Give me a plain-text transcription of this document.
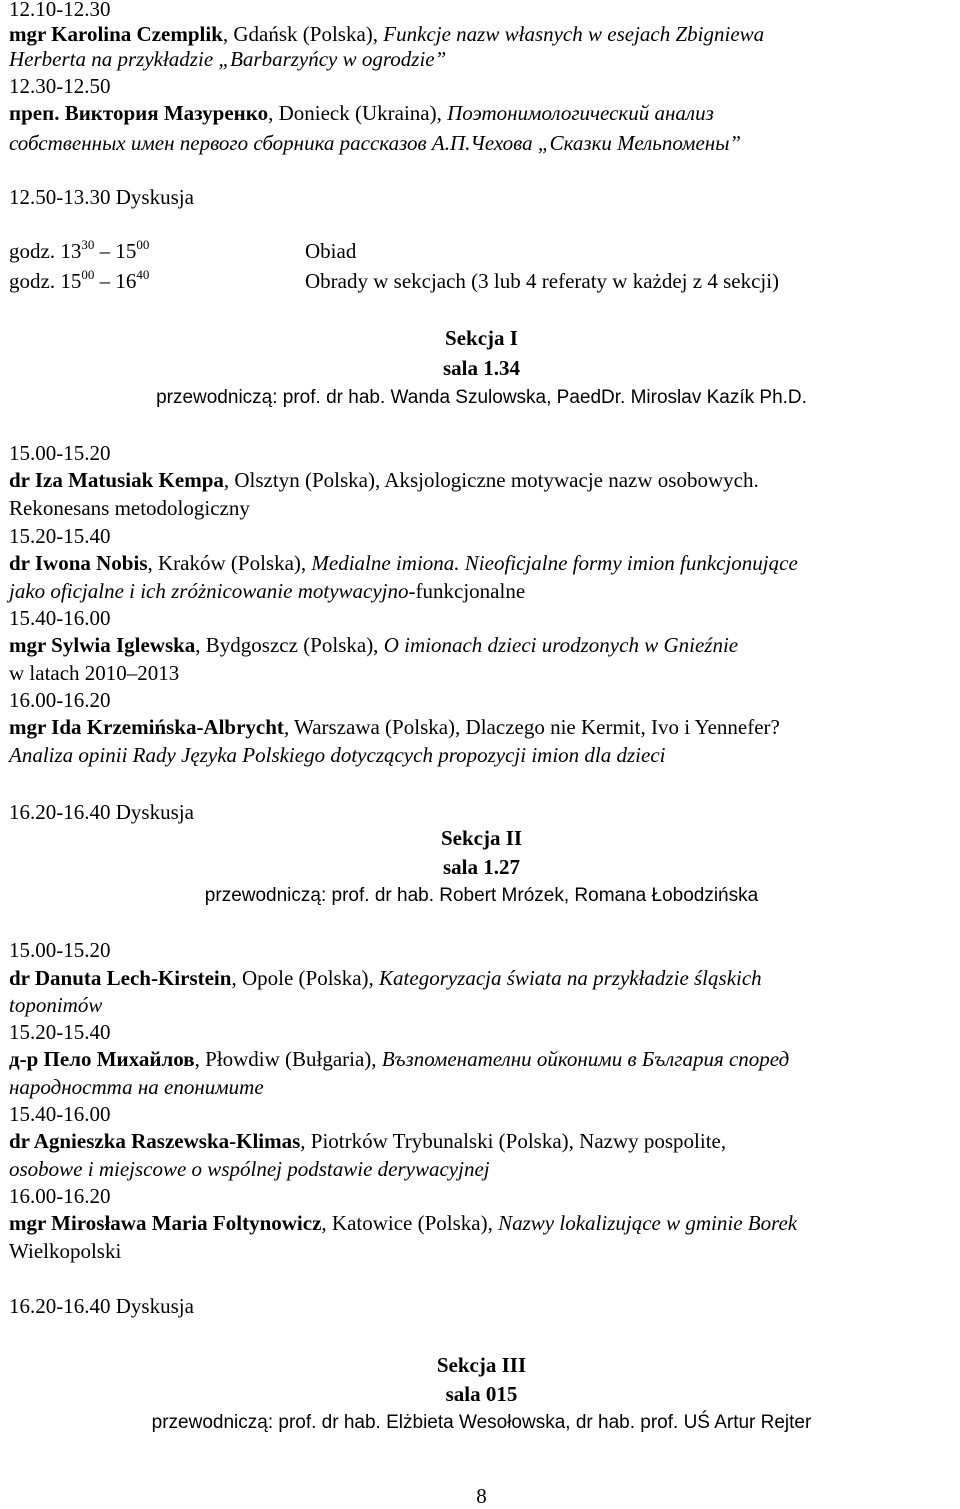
12.10-12.30
mgr Karolina Czemplik, Gdańsk (Polska), Funkcje nazw własnych w esejach Zbigniewa
Herberta na przykładzie „Barbarzyńcy w ogrodzie”
12.30-12.50
преп. Виктория Мазуренко, Donieck (Ukraina), Поэтонимологический анализ
собственных имен первого сборника рассказов А.П.Чехова „Сказки Мельпомены”
12.50-13.30 Dyskusja
godz. $13^{30} - 15^{00}$	Obiad
godz. $15^{00} - 16^{40}$	Obrady w sekcjach (3 lub 4 referaty w każdej z 4 sekcji)
Sekcja I
sala 1.34
przewodniczą: prof. dr hab. Wanda Szulowska, PaedDr. Miroslav Kazík Ph.D.
15.00-15.20
dr Iza Matusiak Kempa, Olsztyn (Polska), Aksjologiczne motywacje nazw osobowych.
Rekonesans metodologiczny
15.20-15.40
dr Iwona Nobis, Kraków (Polska), Medialne imiona. Nieoficjalne formy imion funkcjonujące
jako oficjalne i ich zróżnicowanie motywacyjno-funkcjonalne
15.40-16.00
mgr Sylwia Iglewska, Bydgoszcz (Polska), O imionach dzieci urodzonych w Gnieźnie
w latach 2010–2013
16.00-16.20
mgr Ida Krzemińska-Albrycht, Warszawa (Polska), Dlaczego nie Kermit, Ivo i Yennefer?
Analiza opinii Rady Języka Polskiego dotyczących propozycji imion dla dzieci
16.20-16.40 Dyskusja
Sekcja II
sala 1.27
przewodniczą: prof. dr hab. Robert Mrózek, Romana Łobodzińska
15.00-15.20
dr Danuta Lech-Kirstein, Opole (Polska), Kategoryzacja świata na przykładzie śląskich
toponimów
15.20-15.40
д-р Пело Михайлов, Płowdiw (Bułgaria), Възпоменателни ойконими в България според
народността на епонимите
15.40-16.00
dr Agnieszka Raszewska-Klimas, Piotrków Trybunalski (Polska), Nazwy pospolite,
osobowe i miejscowe o wspólnej podstawie derywacyjnej
16.00-16.20
mgr Mirosława Maria Foltynowicz, Katowice (Polska), Nazwy lokalizujące w gminie Borek
Wielkopolski
16.20-16.40 Dyskusja
Sekcja III
sala 015
przewodniczą: prof. dr hab. Elżbieta Wesołowska, dr hab. prof. UŚ Artur Rejter
8
